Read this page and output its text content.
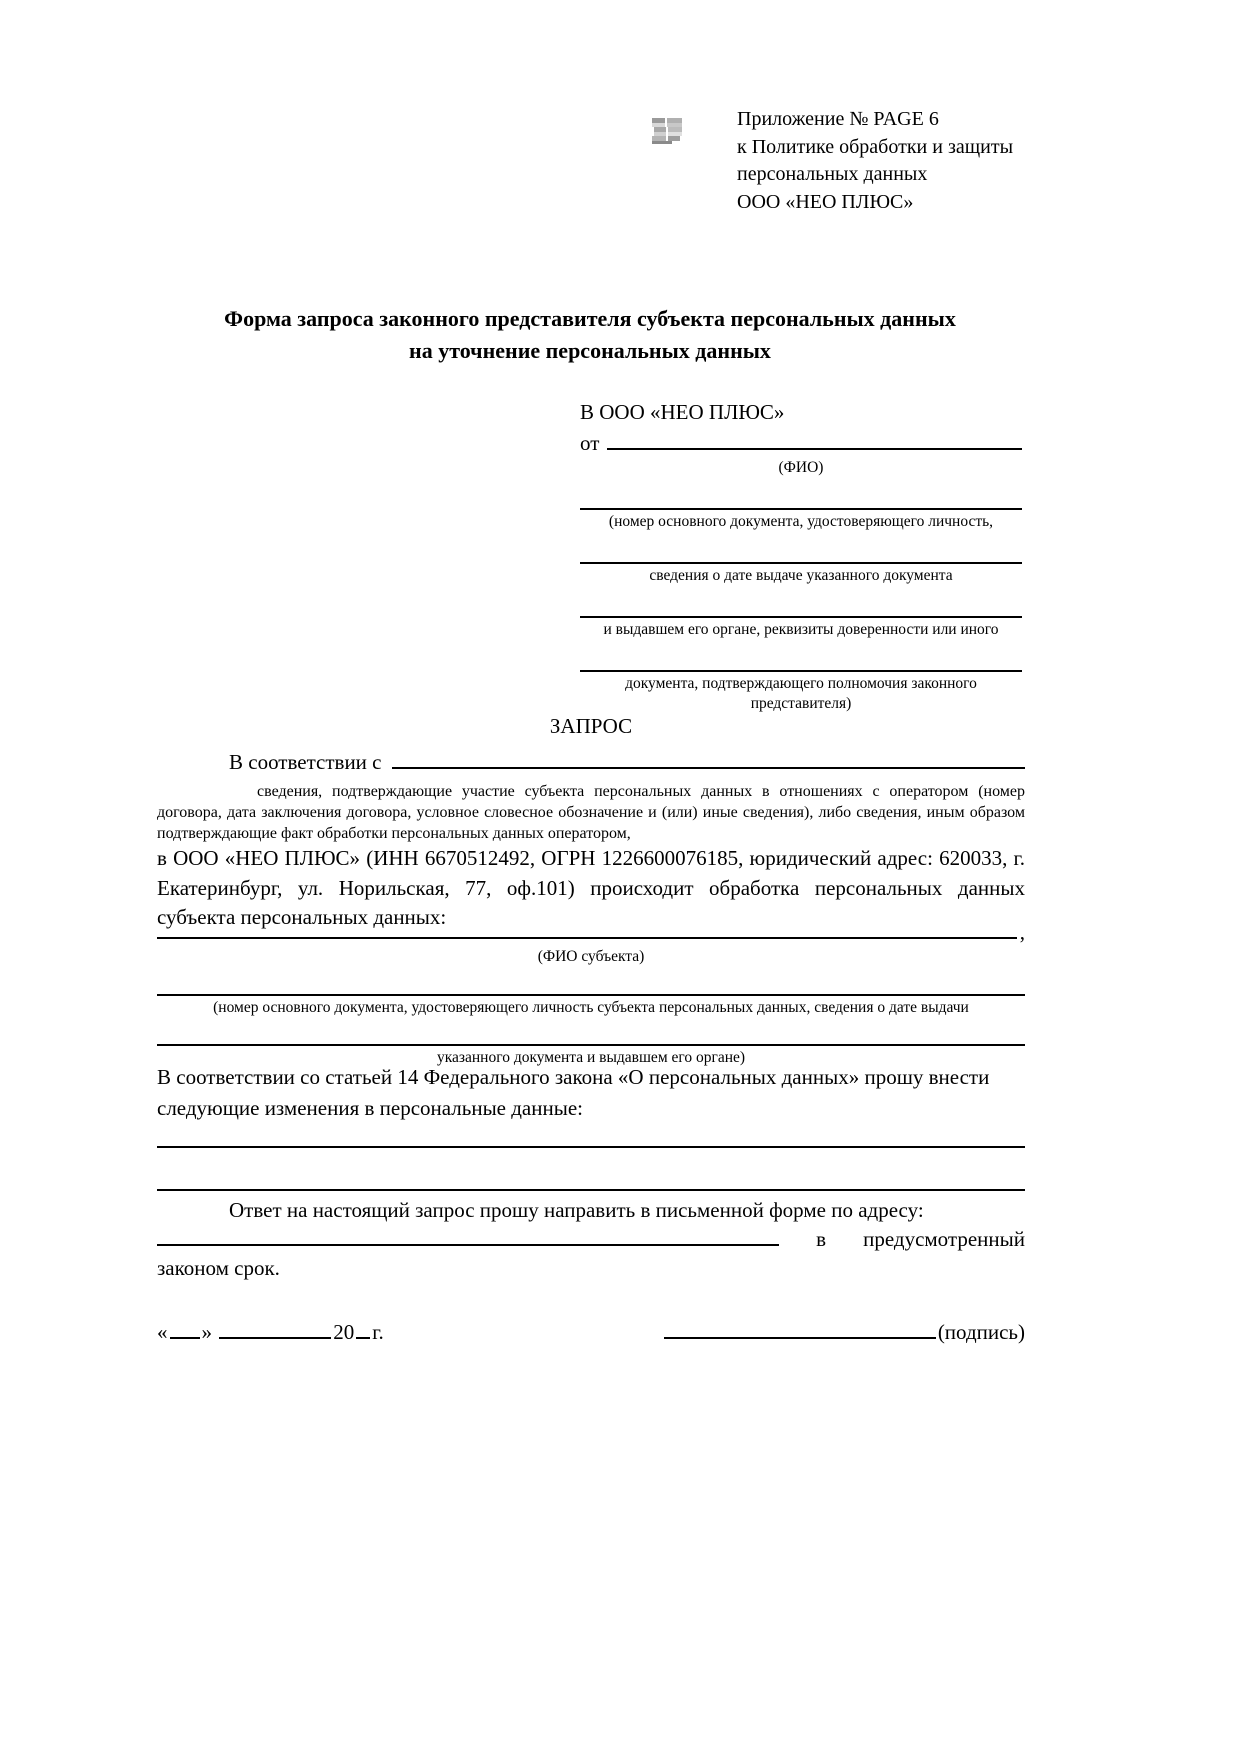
Приложение № PAGE 6
к Политике обработки и защиты
персональных данных
ООО «НЕО ПЛЮС»
Форма запроса законного представителя субъекта персональных данных
на уточнение персональных данных
В ООО «НЕО ПЛЮС»
от
(ФИО)
(номер основного документа, удостоверяющего личность,
сведения о дате выдаче указанного документа
и выдавшем его органе, реквизиты доверенности или иного
документа, подтверждающего полномочия законного представителя)
ЗАПРОС
В соответствии с
сведения, подтверждающие участие субъекта персональных данных в отношениях с оператором (номер договора, дата заключения договора, условное словесное обозначение и (или) иные сведения), либо сведения, иным образом подтверждающие факт обработки персональных данных оператором,
в ООО «НЕО ПЛЮС» (ИНН 6670512492, ОГРН 1226600076185, юридический адрес: 620033, г. Екатеринбург, ул. Норильская, 77, оф.101) происходит обработка персональных данных субъекта персональных данных:
,
(ФИО субъекта)
(номер основного документа, удостоверяющего личность субъекта персональных данных, сведения о дате выдачи
указанного документа и выдавшем его органе)
В соответствии со статьей 14 Федерального закона «О персональных данных» прошу внести следующие изменения в персональные данные:
Ответ на настоящий запрос прошу направить в письменной форме по адресу:
в предусмотренный
законом срок.
« »	20 г.	(подпись)
